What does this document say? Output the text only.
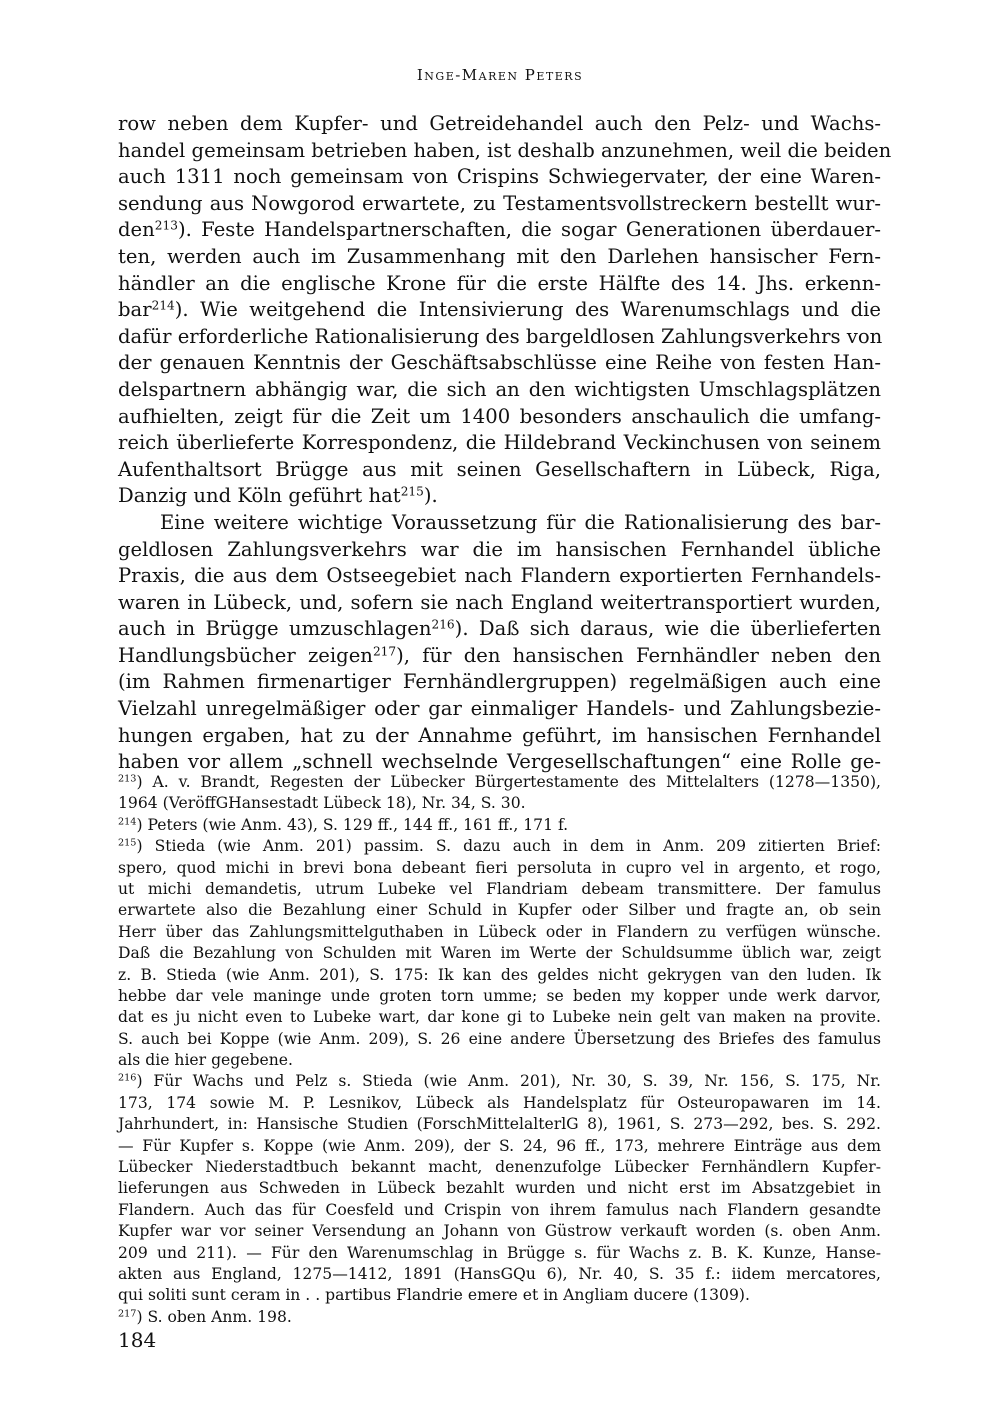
Inge-Maren Peters
row neben dem Kupfer- und Getreidehandel auch den Pelz- und Wachs-
handel gemeinsam betrieben haben, ist deshalb anzunehmen, weil die beiden
auch 1311 noch gemeinsam von Crispins Schwiegervater, der eine Waren-
sendung aus Nowgorod erwartete, zu Testamentsvollstreckern bestellt wur-
den$^{213}$). Feste Handelspartnerschaften, die sogar Generationen überdauer-
ten, werden auch im Zusammenhang mit den Darlehen hansischer Fern-
händler an die englische Krone für die erste Hälfte des 14. Jhs. erkenn-
bar$^{214}$). Wie weitgehend die Intensivierung des Warenumschlags und die
dafür erforderliche Rationalisierung des bargeldlosen Zahlungsverkehrs von
der genauen Kenntnis der Geschäftsabschlüsse eine Reihe von festen Han-
delspartnern abhängig war, die sich an den wichtigsten Umschlagsplätzen
aufhielten, zeigt für die Zeit um 1400 besonders anschaulich die umfang-
reich überlieferte Korrespondenz, die Hildebrand Veckinchusen von seinem
Aufenthaltsort Brügge aus mit seinen Gesellschaftern in Lübeck, Riga,
Danzig und Köln geführt hat$^{215}$).
Eine weitere wichtige Voraussetzung für die Rationalisierung des bar-
geldlosen Zahlungsverkehrs war die im hansischen Fernhandel übliche
Praxis, die aus dem Ostseegebiet nach Flandern exportierten Fernhandels-
waren in Lübeck, und, sofern sie nach England weitertransportiert wurden,
auch in Brügge umzuschlagen$^{216}$). Daß sich daraus, wie die überlieferten
Handlungsbücher zeigen$^{217}$), für den hansischen Fernhändler neben den
(im Rahmen firmenartiger Fernhändlergruppen) regelmäßigen auch eine
Vielzahl unregelmäßiger oder gar einmaliger Handels- und Zahlungsbezie-
hungen ergaben, hat zu der Annahme geführt, im hansischen Fernhandel
haben vor allem „schnell wechselnde Vergesellschaftungen“ eine Rolle ge-
$^{213}$) A. v. Brandt, Regesten der Lübecker Bürgertestamente des Mittelalters (1278—1350),
1964 (VeröffGHansestadt Lübeck 18), Nr. 34, S. 30.
$^{214}$) Peters (wie Anm. 43), S. 129 ff., 144 ff., 161 ff., 171 f.
$^{215}$) Stieda (wie Anm. 201) passim. S. dazu auch in dem in Anm. 209 zitierten Brief:
spero, quod michi in brevi bona debeant fieri persoluta in cupro vel in argento, et rogo,
ut michi demandetis, utrum Lubeke vel Flandriam debeam transmittere. Der famulus
erwartete also die Bezahlung einer Schuld in Kupfer oder Silber und fragte an, ob sein
Herr über das Zahlungsmittelguthaben in Lübeck oder in Flandern zu verfügen wünsche.
Daß die Bezahlung von Schulden mit Waren im Werte der Schuldsumme üblich war, zeigt
z. B. Stieda (wie Anm. 201), S. 175: Ik kan des geldes nicht gekrygen van den luden. Ik
hebbe dar vele maninge unde groten torn umme; se beden my kopper unde werk darvor,
dat es ju nicht even to Lubeke wart, dar kone gi to Lubeke nein gelt van maken na provite.
S. auch bei Koppe (wie Anm. 209), S. 26 eine andere Übersetzung des Briefes des famulus
als die hier gegebene.
$^{216}$) Für Wachs und Pelz s. Stieda (wie Anm. 201), Nr. 30, S. 39, Nr. 156, S. 175, Nr.
173, 174 sowie M. P. Lesnikov, Lübeck als Handelsplatz für Osteuropawaren im 14.
Jahrhundert, in: Hansische Studien (ForschMittelalterlG 8), 1961, S. 273—292, bes. S. 292.
— Für Kupfer s. Koppe (wie Anm. 209), der S. 24, 96 ff., 173, mehrere Einträge aus dem
Lübecker Niederstadtbuch bekannt macht, denenzufolge Lübecker Fernhändlern Kupfer-
lieferungen aus Schweden in Lübeck bezahlt wurden und nicht erst im Absatzgebiet in
Flandern. Auch das für Coesfeld und Crispin von ihrem famulus nach Flandern gesandte
Kupfer war vor seiner Versendung an Johann von Güstrow verkauft worden (s. oben Anm.
209 und 211). — Für den Warenumschlag in Brügge s. für Wachs z. B. K. Kunze, Hanse-
akten aus England, 1275—1412, 1891 (HansGQu 6), Nr. 40, S. 35 f.: iidem mercatores,
qui soliti sunt ceram in . . partibus Flandrie emere et in Angliam ducere (1309).
$^{217}$) S. oben Anm. 198.
184
